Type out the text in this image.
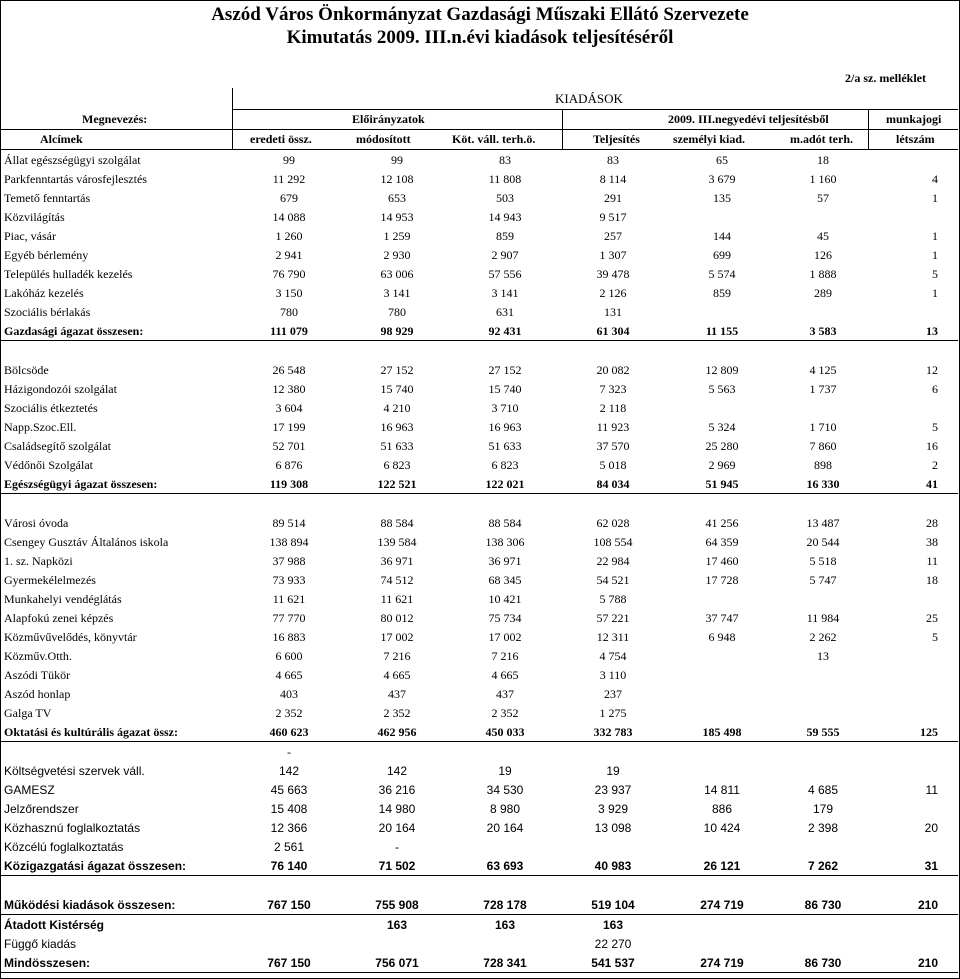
Aszód Város Önkormányzat Gazdasági Műszaki Ellátó Szervezete
Kimutatás 2009. III.n.évi kiadások teljesítéséről
2/a sz. melléklet
KIADÁSOK
Megnevezés:	Előirányzatok	2009. III.negyedévi teljesítésből	munkajogi
Alcímek	eredeti össz.	módosított	Köt. váll. terh.ö.	Teljesítés	személyi kiad.	m.adót terh.	létszám
Állat egészségügyi szolgálat	99	99	83	83	65	18	
Parkfenntartás városfejlesztés	11 292	12 108	11 808	8 114	3 679	1 160	4
Temető fenntartás	679	653	503	291	135	57	1
Közvilágítás	14 088	14 953	14 943	9 517			
Piac, vásár	1 260	1 259	859	257	144	45	1
Egyéb bérlemény	2 941	2 930	2 907	1 307	699	126	1
Település hulladék kezelés	76 790	63 006	57 556	39 478	5 574	1 888	5
Lakóház kezelés	3 150	3 141	3 141	2 126	859	289	1
Szociális bérlakás	780	780	631	131			
Gazdasági ágazat összesen:	111 079	98 929	92 431	61 304	11 155	3 583	13

Bölcsöde	26 548	27 152	27 152	20 082	12 809	4 125	12
Házigondozói szolgálat	12 380	15 740	15 740	7 323	5 563	1 737	6
Szociális étkeztetés	3 604	4 210	3 710	2 118			
Napp.Szoc.Ell.	17 199	16 963	16 963	11 923	5 324	1 710	5
Családsegítő szolgálat	52 701	51 633	51 633	37 570	25 280	7 860	16
Védőnői Szolgálat	6 876	6 823	6 823	5 018	2 969	898	2
Egészségügyi ágazat összesen:	119 308	122 521	122 021	84 034	51 945	16 330	41

Városi óvoda	89 514	88 584	88 584	62 028	41 256	13 487	28
Csengey Gusztáv Általános iskola	138 894	139 584	138 306	108 554	64 359	20 544	38
1. sz. Napközi	37 988	36 971	36 971	22 984	17 460	5 518	11
Gyermekélelmezés	73 933	74 512	68 345	54 521	17 728	5 747	18
Munkahelyi vendéglátás	11 621	11 621	10 421	5 788			
Alapfokú zenei képzés	77 770	80 012	75 734	57 221	37 747	11 984	25
Közművűvelődés, könyvtár	16 883	17 002	17 002	12 311	6 948	2 262	5
Közműv.Otth.	6 600	7 216	7 216	4 754		13	
Aszódi Tükör	4 665	4 665	4 665	3 110			
Aszód honlap	403	437	437	237			
Galga TV	2 352	2 352	2 352	1 275			
Oktatási és kultúrális ágazat össz:	460 623	462 956	450 033	332 783	185 498	59 555	125
	-						
Költségvetési szervek váll.	142	142	19	19			
GAMESZ	45 663	36 216	34 530	23 937	14 811	4 685	11
Jelzőrendszer	15 408	14 980	8 980	3 929	886	179	
Közhasznú foglalkoztatás	12 366	20 164	20 164	13 098	10 424	2 398	20
Közcélú foglalkoztatás	2 561	-					
Közigazgatási ágazat összesen:	76 140	71 502	63 693	40 983	26 121	7 262	31

Működési kiadások összesen:	767 150	755 908	728 178	519 104	274 719	86 730	210
Átadott Kistérség		163	163	163			
Függő kiadás				22 270			
Mindösszesen:	767 150	756 071	728 341	541 537	274 719	86 730	210
